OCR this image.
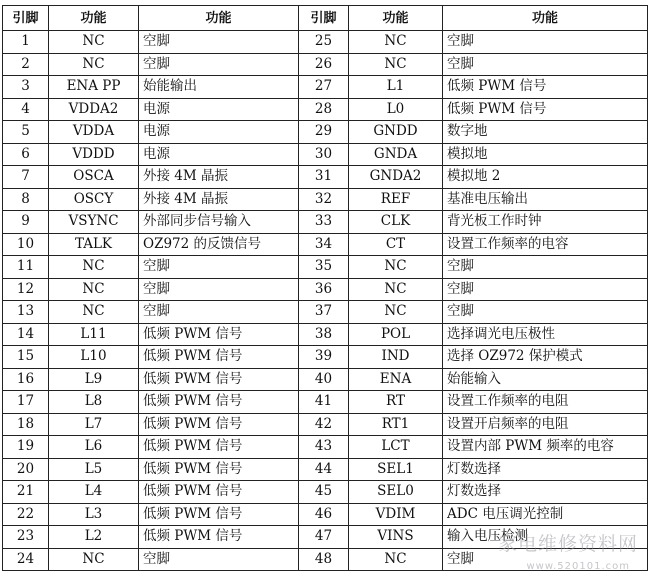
引脚	功能	功能	引脚	功能	功能
1	NC	空脚	25	NC	空脚
2	NC	空脚	26	NC	空脚
3	ENA PP	始能输出	27	L1	低频 PWM 信号
4	VDDA2	电源	28	L0	低频 PWM 信号
5	VDDA	电源	29	GNDD	数字地
6	VDDD	电源	30	GNDA	模拟地
7	OSCA	外接 4M 晶振	31	GNDA2	模拟地 2
8	OSCY	外接 4M 晶振	32	REF	基准电压输出
9	VSYNC	外部同步信号输入	33	CLK	背光板工作时钟
10	TALK	OZ972 的反馈信号	34	CT	设置工作频率的电容
11	NC	空脚	35	NC	空脚
12	NC	空脚	36	NC	空脚
13	NC	空脚	37	NC	空脚
14	L11	低频 PWM 信号	38	POL	选择调光电压极性
15	L10	低频 PWM 信号	39	IND	选择 OZ972 保护模式
16	L9	低频 PWM 信号	40	ENA	始能输入
17	L8	低频 PWM 信号	41	RT	设置工作频率的电阻
18	L7	低频 PWM 信号	42	RT1	设置开启频率的电阻
19	L6	低频 PWM 信号	43	LCT	设置内部 PWM 频率的电容
20	L5	低频 PWM 信号	44	SEL1	灯数选择
21	L4	低频 PWM 信号	45	SEL0	灯数选择
22	L3	低频 PWM 信号	46	VDIM	ADC 电压调光控制
23	L2	低频 PWM 信号	47	VINS	输入电压检测
24	NC	空脚	48	NC	空脚
家电维修资料网
www.520101.com
